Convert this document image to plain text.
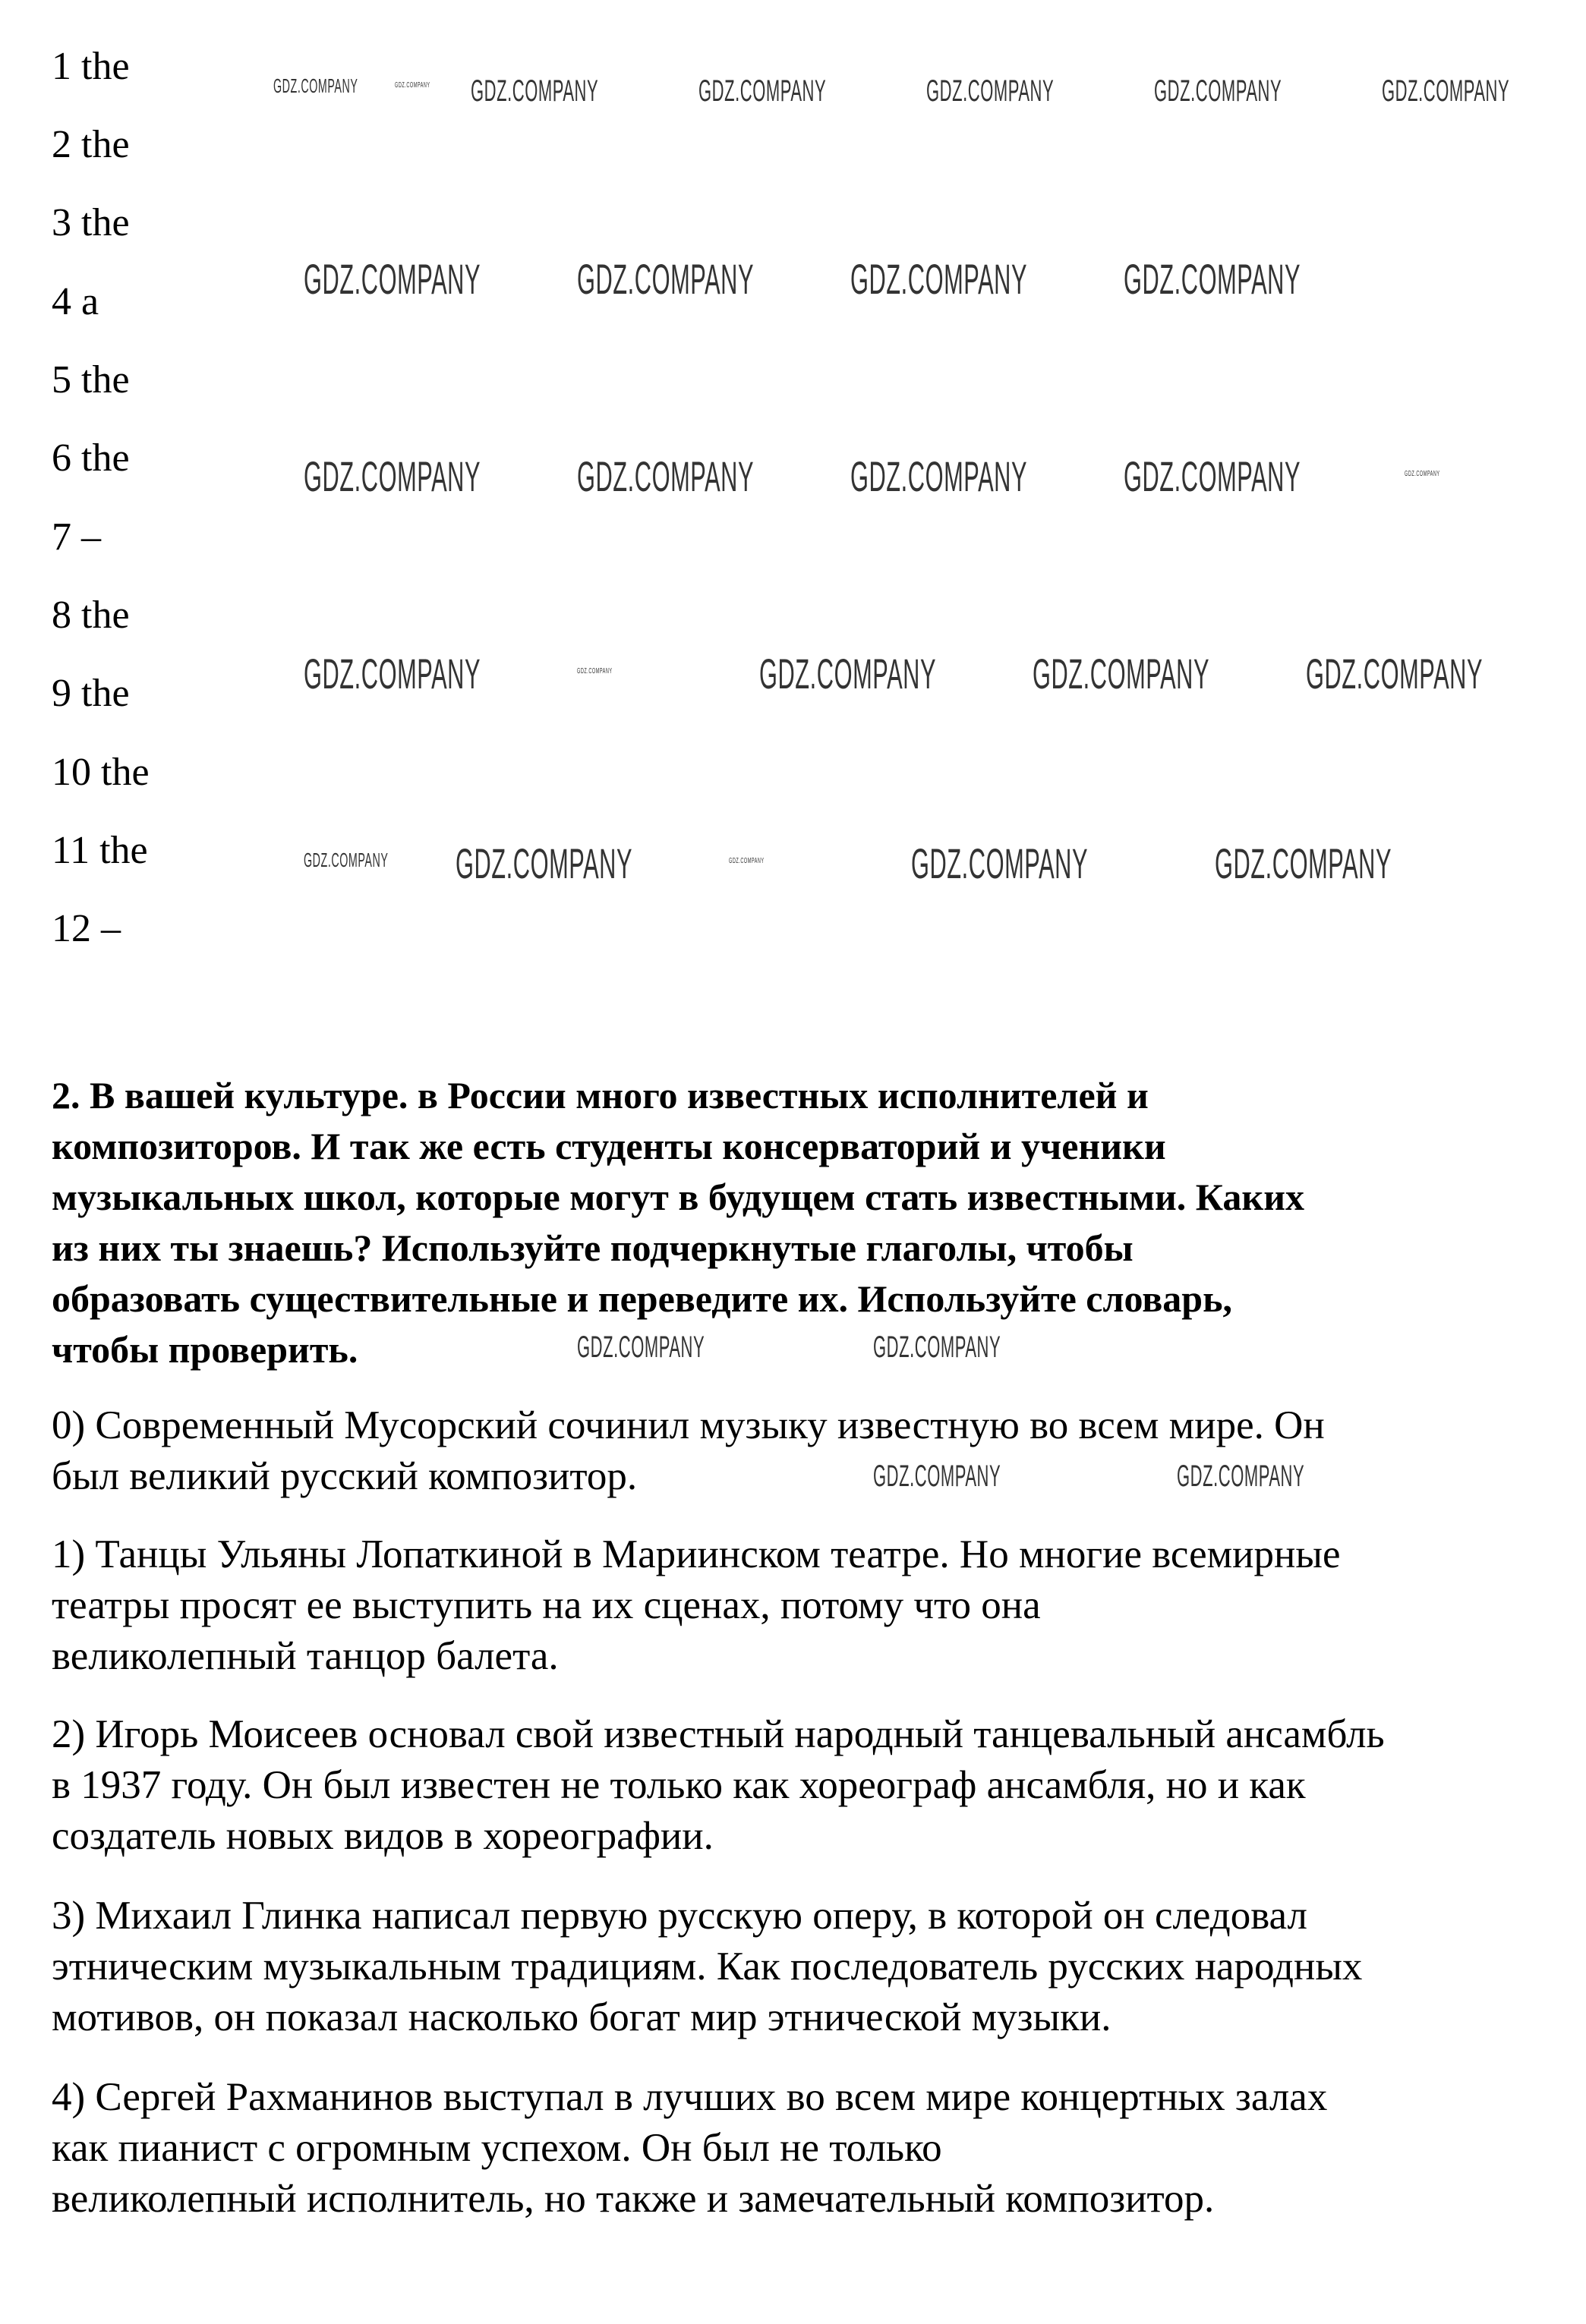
1 the
2 the
3 the
4 a
5 the
6 the
7 –
8 the
9 the
10 the
11 the
12 –
2. В вашей культуре. в России много известных исполнителей и
композиторов. И так же есть студенты консерваторий и ученики
музыкальных школ, которые могут в будущем стать известными. Каких
из них ты знаешь? Используйте подчеркнутые глаголы, чтобы
образовать существительные и переведите их. Используйте словарь,
чтобы проверить.
0) Современный Мусорский сочинил музыку известную во всем мире. Он
был великий русский композитор.
1) Танцы Ульяны Лопаткиной в Мариинском театре. Но многие всемирные
театры просят ее выступить на их сценах, потому что она
великолепный танцор балета.
2) Игорь Моисеев основал свой известный народный танцевальный ансамбль
в 1937 году. Он был известен не только как хореограф ансамбля, но и как
создатель новых видов в хореографии.
3) Михаил Глинка написал первую русскую оперу, в которой он следовал
этническим музыкальным традициям. Как последователь русских народных
мотивов, он показал насколько богат мир этнической музыки.
4) Сергей Рахманинов выступал в лучших во всем мире концертных залах
как пианист с огромным успехом. Он был не только
великолепный исполнитель, но также и замечательный композитор.
GDZ.COMPANY	GDZ.COMPANY GDZ.COMPANY	GDZ.COMPANY	GDZ.COMPANY	GDZ.COMPANY	GDZ.COMPANY
GDZ.COMPANY GDZ.COMPANY GDZ.COMPANY GDZ.COMPANY
GDZ.COMPANY GDZ.COMPANY GDZ.COMPANY GDZ.COMPANY	GDZ.COMPANY
GDZ.COMPANY	GDZ.COMPANY	GDZ.COMPANY GDZ.COMPANY GDZ.COMPANY
GDZ.COMPANY GDZ.COMPANY	GDZ.COMPANY	GDZ.COMPANY	GDZ.COMPANY
GDZ.COMPANY	GDZ.COMPANY
GDZ.COMPANY	GDZ.COMPANY
